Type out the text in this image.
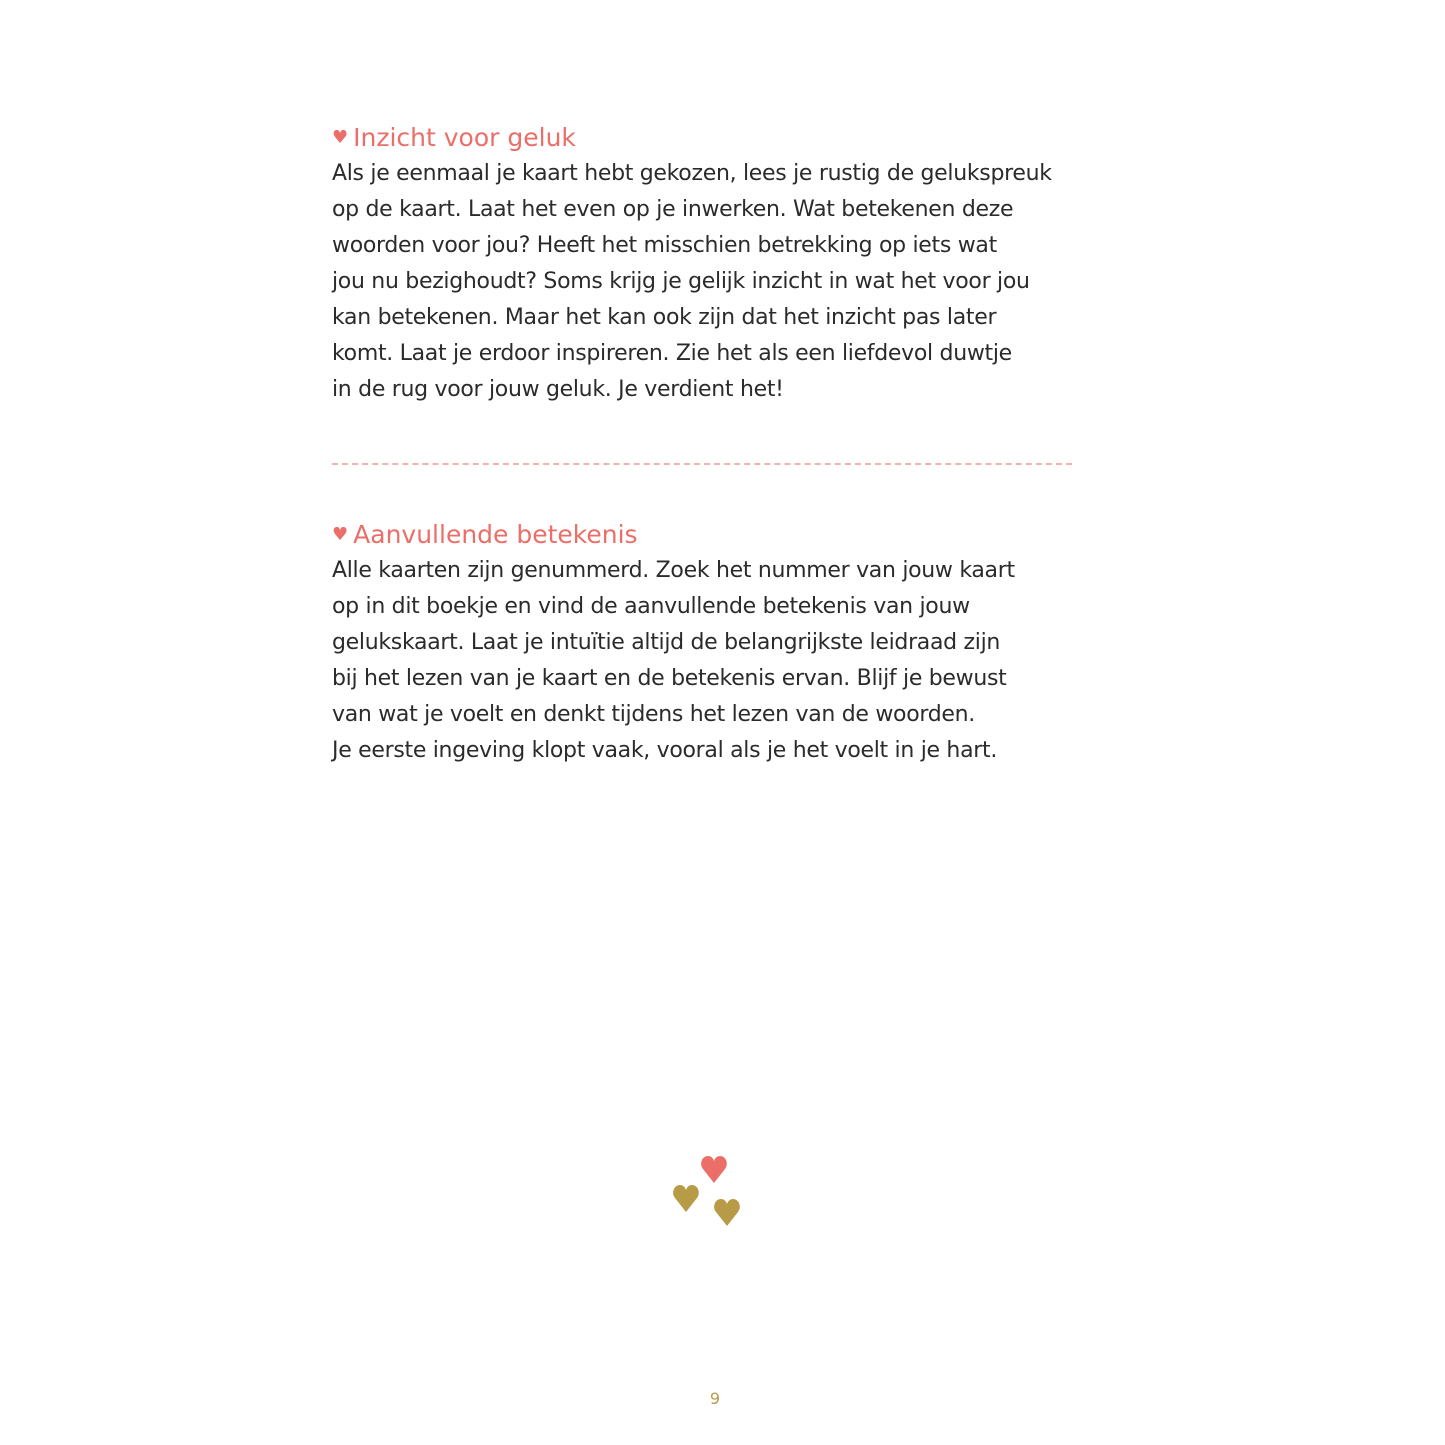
♥ Inzicht voor geluk
Als je eenmaal je kaart hebt gekozen, lees je rustig de gelukspreuk
op de kaart. Laat het even op je inwerken. Wat betekenen deze
woorden voor jou? Heeft het misschien betrekking op iets wat
jou nu bezighoudt? Soms krijg je gelijk inzicht in wat het voor jou
kan betekenen. Maar het kan ook zijn dat het inzicht pas later
komt. Laat je erdoor inspireren. Zie het als een liefdevol duwtje
in de rug voor jouw geluk. Je verdient het!
♥ Aanvullende betekenis
Alle kaarten zijn genummerd. Zoek het nummer van jouw kaart
op in dit boekje en vind de aanvullende betekenis van jouw
gelukskaart. Laat je intuïtie altijd de belangrijkste leidraad zijn
bij het lezen van je kaart en de betekenis ervan. Blijf je bewust
van wat je voelt en denkt tijdens het lezen van de woorden.
Je eerste ingeving klopt vaak, vooral als je het voelt in je hart.
9
